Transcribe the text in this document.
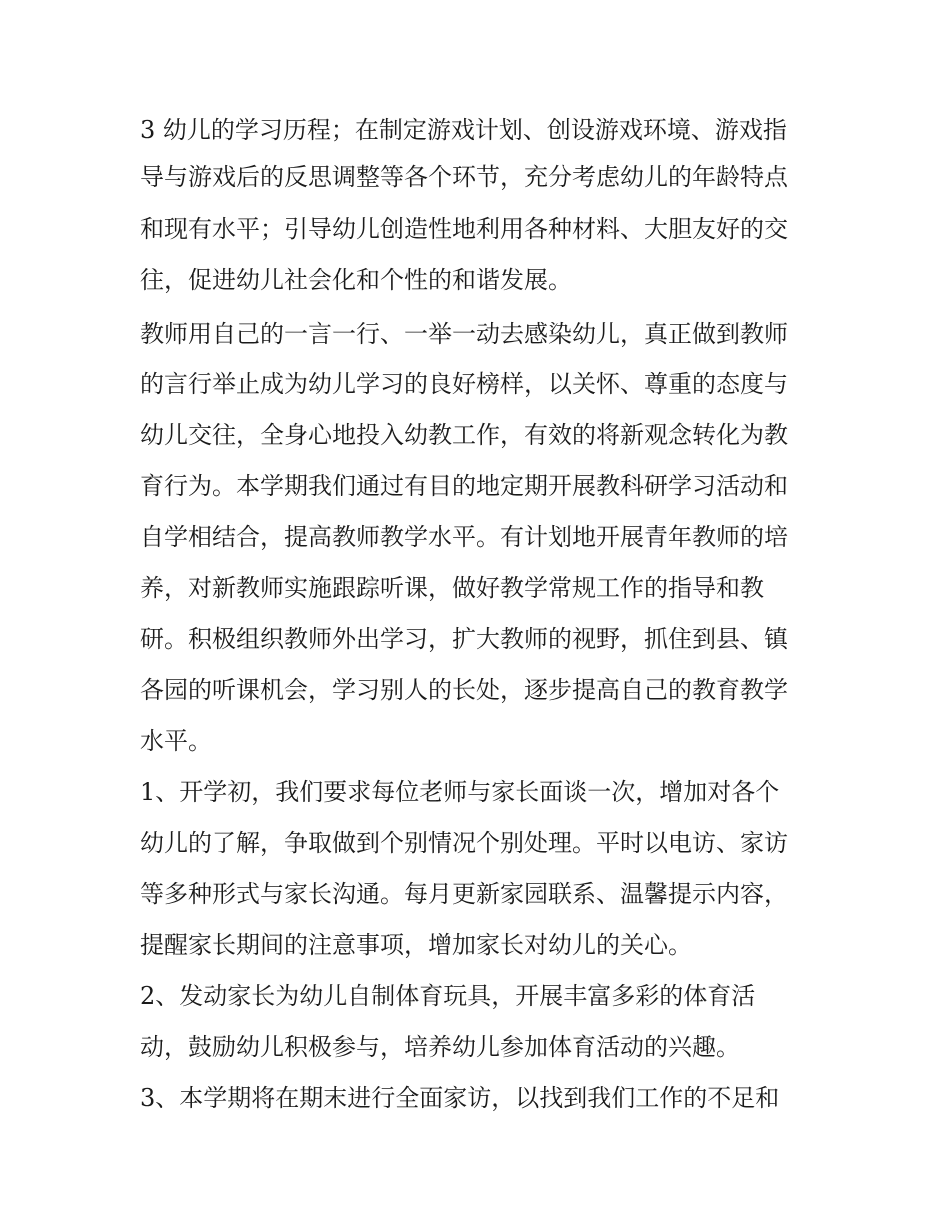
3 幼儿的学习历程；在制定游戏计划、创设游戏环境、游戏指

导与游戏后的反思调整等各个环节，充分考虑幼儿的年龄特点

和现有水平；引导幼儿创造性地利用各种材料、大胆友好的交

往，促进幼儿社会化和个性的和谐发展。

教师用自己的一言一行、一举一动去感染幼儿，真正做到教师

的言行举止成为幼儿学习的良好榜样，以关怀、尊重的态度与

幼儿交往，全身心地投入幼教工作，有效的将新观念转化为教

育行为。本学期我们通过有目的地定期开展教科研学习活动和

自学相结合，提高教师教学水平。有计划地开展青年教师的培

养，对新教师实施跟踪听课，做好教学常规工作的指导和教

研。积极组织教师外出学习，扩大教师的视野，抓住到县、镇

各园的听课机会，学习别人的长处，逐步提高自己的教育教学

水平。

1、开学初，我们要求每位老师与家长面谈一次，增加对各个

幼儿的了解，争取做到个别情况个别处理。平时以电访、家访

等多种形式与家长沟通。每月更新家园联系、温馨提示内容，

提醒家长期间的注意事项，增加家长对幼儿的关心。

2、发动家长为幼儿自制体育玩具，开展丰富多彩的体育活

动，鼓励幼儿积极参与，培养幼儿参加体育活动的兴趣。

3、本学期将在期末进行全面家访，以找到我们工作的不足和
